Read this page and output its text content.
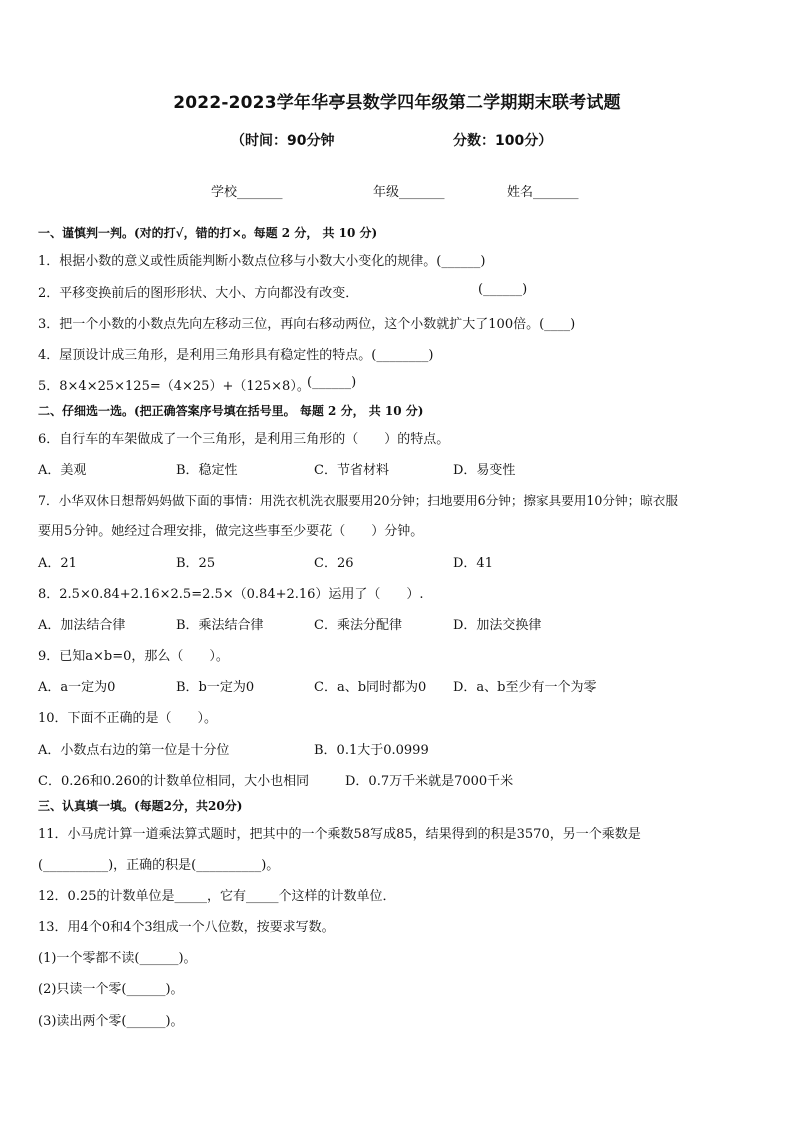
2022-2023学年华亭县数学四年级第二学期期末联考试题
（时间：90分钟	分数：100分）
学校_______	年级_______	姓名_______
一、谨慎判一判。(对的打√，错的打×。每题 2 分， 共 10 分)
1．根据小数的意义或性质能判断小数点位移与小数大小变化的规律。(______)
2．平移变换前后的图形形状、大小、方向都没有改变．	(______)
3．把一个小数的小数点先向左移动三位，再向右移动两位，这个小数就扩大了100倍。(____)
4．屋顶设计成三角形，是利用三角形具有稳定性的特点。(________)
5．8×4×25×125=（4×25）+（125×8）。
(______)
二、仔细选一选。(把正确答案序号填在括号里。 每题 2 分， 共 10 分)
6．自行车的车架做成了一个三角形，是利用三角形的（　　）的特点。
A．美观	B．稳定性	C．节省材料	D．易变性
7．小华双休日想帮妈妈做下面的事情：用洗衣机洗衣服要用20分钟；扫地要用6分钟；擦家具要用10分钟；晾衣服
要用5分钟。她经过合理安排，做完这些事至少要花（　　）分钟。
A．21	B．25	C．26	D．41
8．2.5×0.84+2.16×2.5=2.5×（0.84+2.16）运用了（　　）.
A．加法结合律	B．乘法结合律	C．乘法分配律	D．加法交换律
9．已知a×b=0，那么（　　）。
A．a一定为0	B．b一定为0	C．a、b同时都为0 D．a、b至少有一个为零
10．下面不正确的是（　　）。
A．小数点右边的第一位是十分位	B．0.1大于0.0999
C．0.26和0.260的计数单位相同，大小也相同	D．0.7万千米就是7000千米
三、认真填一填。(每题2分，共20分)
11．小马虎计算一道乘法算式题时，把其中的一个乘数58写成85，结果得到的积是3570，另一个乘数是
(__________)，正确的积是(__________)。
12．0.25的计数单位是_____，它有_____个这样的计数单位．
13．用4个0和4个3组成一个八位数，按要求写数。
(1)一个零都不读(______)。
(2)只读一个零(______)。
(3)读出两个零(______)。
